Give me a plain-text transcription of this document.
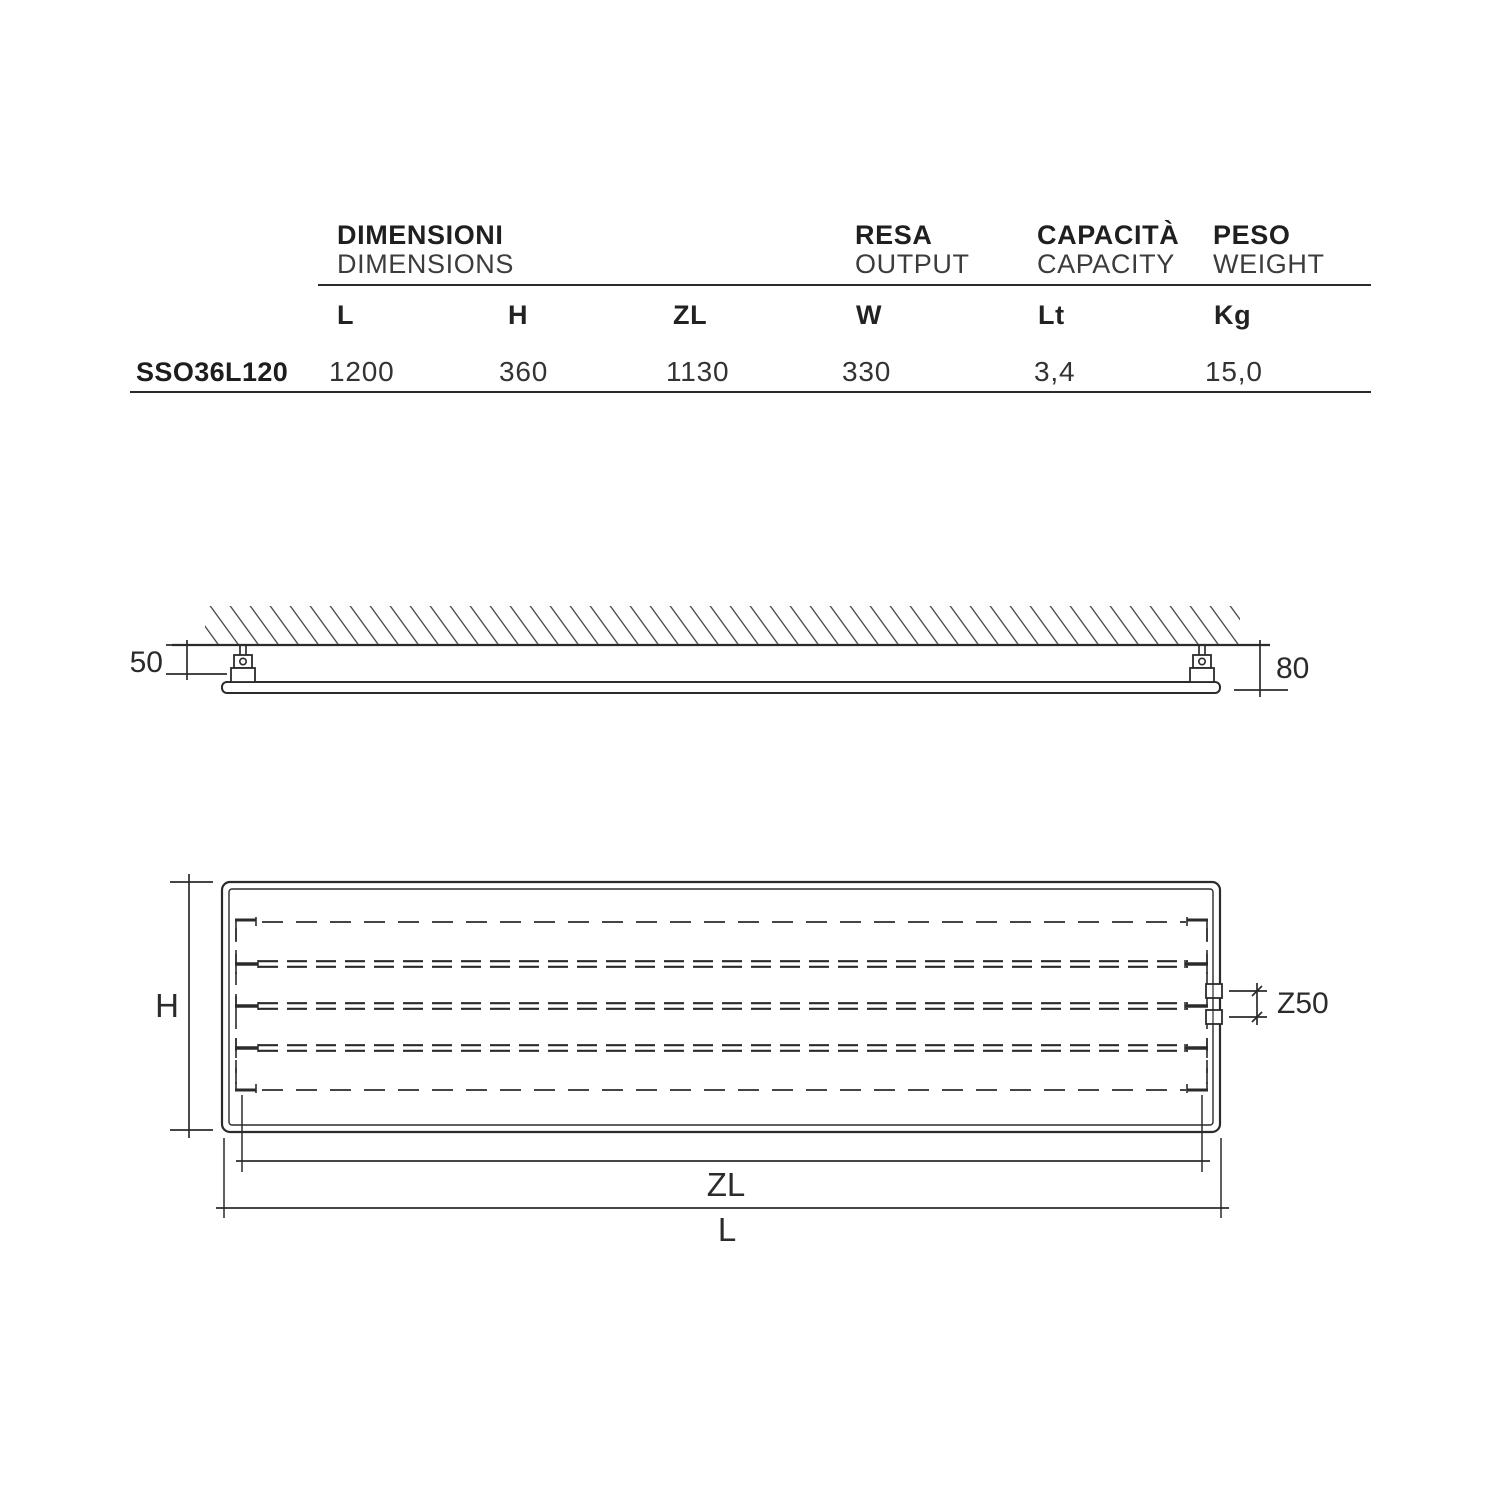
DIMENSIONI
DIMENSIONS
RESA
OUTPUT
CAPACITÀ
CAPACITY
PESO
WEIGHT
L	H	ZL	W	Lt	Kg
SSO36L120 1200	360	1130	330	3,4	15,0
50	80
Z50
H
ZL
L
